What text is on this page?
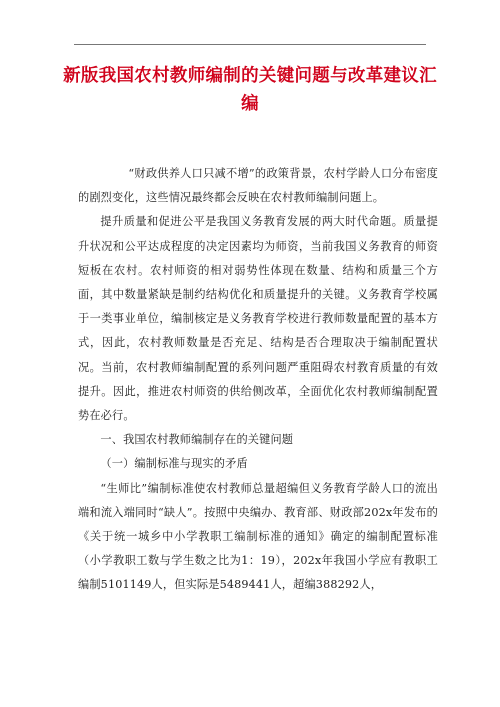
新版我国农村教师编制的关键问题与改革建议汇编

“财政供养人口只减不增”的政策背景，农村学龄人口分布密度的剧烈变化，这些情况最终都会反映在农村教师编制问题上。

提升质量和促进公平是我国义务教育发展的两大时代命题。质量提升状况和公平达成程度的决定因素均为师资，当前我国义务教育的师资短板在农村。农村师资的相对弱势性体现在数量、结构和质量三个方面，其中数量紧缺是制约结构优化和质量提升的关键。义务教育学校属于一类事业单位，编制核定是义务教育学校进行教师数量配置的基本方式，因此，农村教师数量是否充足、结构是否合理取决于编制配置状况。当前，农村教师编制配置的系列问题严重阻碍农村教育质量的有效提升。因此，推进农村师资的供给侧改革，全面优化农村教师编制配置势在必行。

一、我国农村教师编制存在的关键问题

（一）编制标准与现实的矛盾

“生师比”编制标准使农村教师总量超编但义务教育学龄人口的流出端和流入端同时“缺人”。按照中央编办、教育部、财政部202x年发布的《关于统一城乡中小学教职工编制标准的通知》确定的编制配置标准（小学教职工数与学生数之比为1：19），202x年我国小学应有教职工编制5101149人，但实际是5489441人，超编388292人，
